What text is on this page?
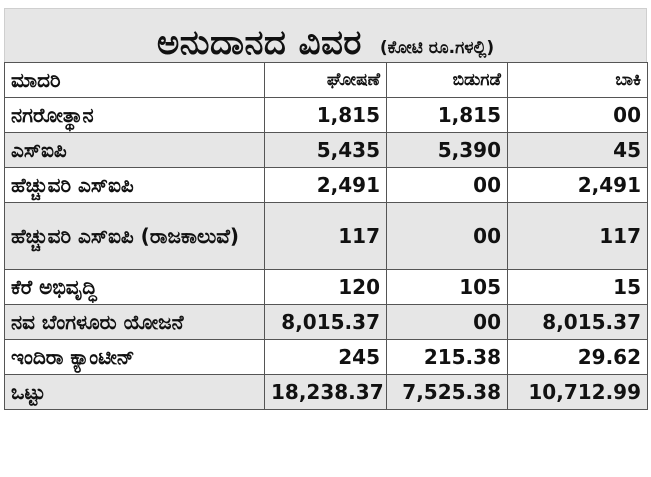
ಅನುದಾನದ ವಿವರ (ಕೋಟಿ ರೂ.ಗಳಲ್ಲಿ)
ಮಾದರಿ	ಘೋಷಣೆ	ಬಿಡುಗಡೆ	ಬಾಕಿ
ನಗರೋತ್ಥಾನ	1,815	1,815	00
ಎಸ್‌ಐಪಿ	5,435	5,390	45
ಹೆಚ್ಚುವರಿ ಎಸ್‌ಐಪಿ	2,491	00	2,491
ಹೆಚ್ಚುವರಿ ಎಸ್‌ಐಪಿ (ರಾಜಕಾಲುವೆ)	117	00	117
ಕೆರೆ ಅಭಿವೃದ್ಧಿ	120	105	15
ನವ ಬೆಂಗಳೂರು ಯೋಜನೆ	8,015.37	00	8,015.37
ಇಂದಿರಾ ಕ್ಯಾಂಟೀನ್	245	215.38	29.62
ಒಟ್ಟು	18,238.37	7,525.38	10,712.99
